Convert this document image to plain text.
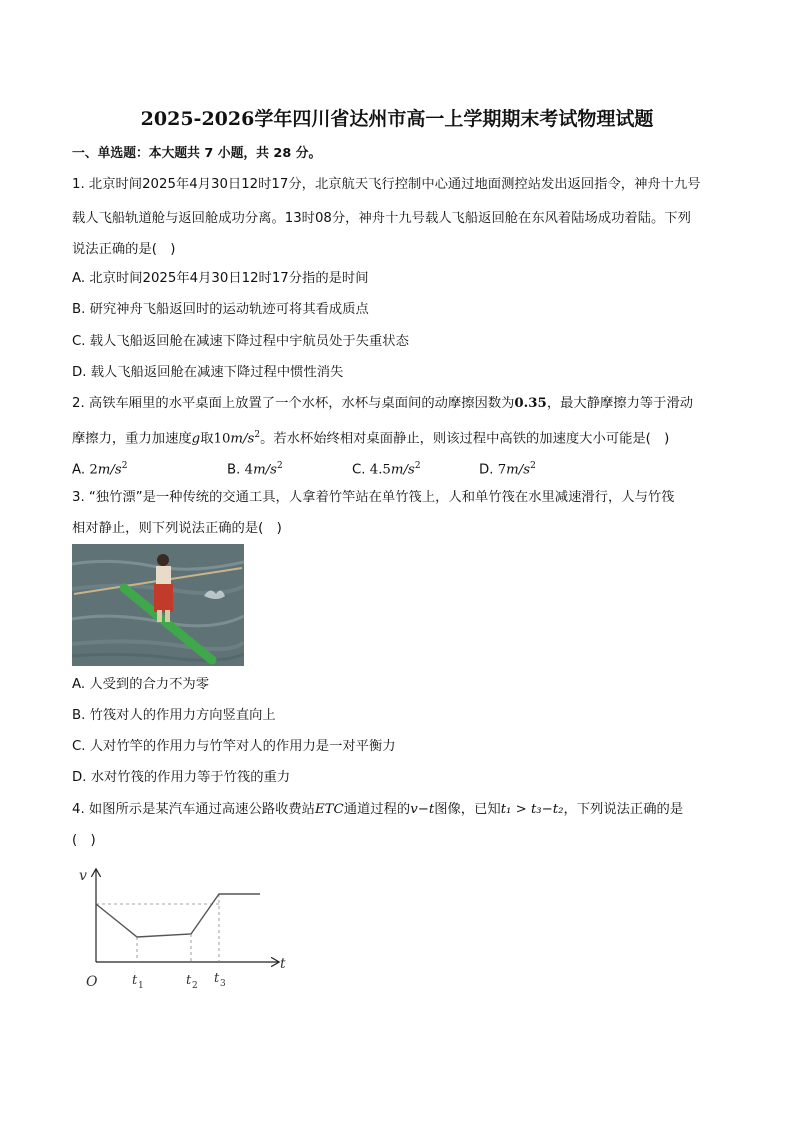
2025-2026学年四川省达州市高一上学期期末考试物理试题
一、单选题：本大题共 7 小题，共 28 分。
1. 北京时间2025年4月30日12时17分，北京航天飞行控制中心通过地面测控站发出返回指令，神舟十九号
载人飞船轨道舱与返回舱成功分离。13时08分，神舟十九号载人飞船返回舱在东风着陆场成功着陆。下列
说法正确的是(　)
A. 北京时间2025年4月30日12时17分指的是时间
B. 研究神舟飞船返回时的运动轨迹可将其看成质点
C. 载人飞船返回舱在减速下降过程中宇航员处于失重状态
D. 载人飞船返回舱在减速下降过程中惯性消失
2. 高铁车厢里的水平桌面上放置了一个水杯，水杯与桌面间的动摩擦因数为0.35，最大静摩擦力等于滑动
摩擦力，重力加速度g取$10m/s^2$。若水杯始终相对桌面静止，则该过程中高铁的加速度大小可能是(　)
A. $2m/s^2$	B. $4m/s^2$	C. $4.5m/s^2$	D. $7m/s^2$
3. “独竹漂”是一种传统的交通工具，人拿着竹竿站在单竹筏上，人和单竹筏在水里减速滑行，人与竹筏
相对静止，则下列说法正确的是(　)
A. 人受到的合力不为零
B. 竹筏对人的作用力方向竖直向上
C. 人对竹竿的作用力与竹竿对人的作用力是一对平衡力
D. 水对竹筏的作用力等于竹筏的重力
4. 如图所示是某汽车通过高速公路收费站ETC通道过程的v−t图像，已知t₁ > t₃−t₂，下列说法正确的是
(　)
v
t
O	t 1	t 2 t 3
